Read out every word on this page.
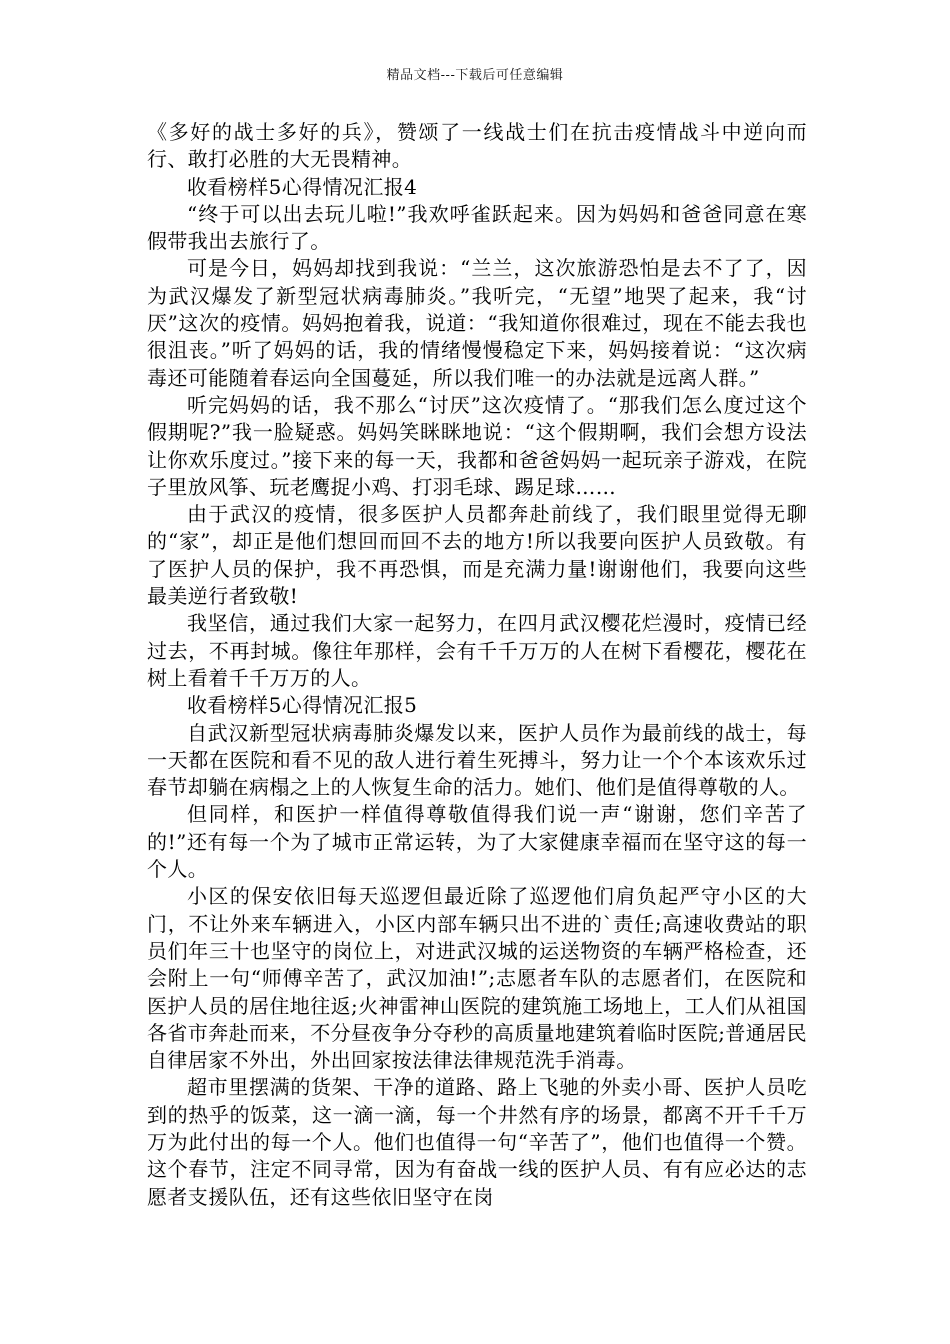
精品文档---下载后可任意编辑

《多好的战士多好的兵》，赞颂了一线战士们在抗击疫情战斗中逆向而行、敢打必胜的大无畏精神。

收看榜样5心得情况汇报4

“终于可以出去玩儿啦!”我欢呼雀跃起来。因为妈妈和爸爸同意在寒假带我出去旅行了。

可是今日，妈妈却找到我说：“兰兰，这次旅游恐怕是去不了了，因为武汉爆发了新型冠状病毒肺炎。”我听完，“无望”地哭了起来，我“讨厌”这次的疫情。妈妈抱着我，说道：“我知道你很难过，现在不能去我也很沮丧。”听了妈妈的话，我的情绪慢慢稳定下来，妈妈接着说：“这次病毒还可能随着春运向全国蔓延，所以我们唯一的办法就是远离人群。”

听完妈妈的话，我不那么“讨厌”这次疫情了。“那我们怎么度过这个假期呢?”我一脸疑惑。妈妈笑眯眯地说：“这个假期啊，我们会想方设法让你欢乐度过。”接下来的每一天，我都和爸爸妈妈一起玩亲子游戏，在院子里放风筝、玩老鹰捉小鸡、打羽毛球、踢足球……

由于武汉的疫情，很多医护人员都奔赴前线了，我们眼里觉得无聊的“家”，却正是他们想回而回不去的地方!所以我要向医护人员致敬。有了医护人员的保护，我不再恐惧，而是充满力量!谢谢他们，我要向这些最美逆行者致敬!

我坚信，通过我们大家一起努力，在四月武汉樱花烂漫时，疫情已经过去，不再封城。像往年那样，会有千千万万的人在树下看樱花，樱花在树上看着千千万万的人。

收看榜样5心得情况汇报5

自武汉新型冠状病毒肺炎爆发以来，医护人员作为最前线的战士，每一天都在医院和看不见的敌人进行着生死搏斗，努力让一个个本该欢乐过春节却躺在病榻之上的人恢复生命的活力。她们、他们是值得尊敬的人。

但同样，和医护一样值得尊敬值得我们说一声“谢谢，您们辛苦了的!”还有每一个为了城市正常运转，为了大家健康幸福而在坚守这的每一个人。

小区的保安依旧每天巡逻但最近除了巡逻他们肩负起严守小区的大门，不让外来车辆进入，小区内部车辆只出不进的`责任;高速收费站的职员们年三十也坚守的岗位上，对进武汉城的运送物资的车辆严格检查，还会附上一句“师傅辛苦了，武汉加油!”;志愿者车队的志愿者们，在医院和医护人员的居住地往返;火神雷神山医院的建筑施工场地上，工人们从祖国各省市奔赴而来，不分昼夜争分夺秒的高质量地建筑着临时医院;普通居民自律居家不外出，外出回家按法律法律规范洗手消毒。

超市里摆满的货架、干净的道路、路上飞驰的外卖小哥、医护人员吃到的热乎的饭菜，这一滴一滴，每一个井然有序的场景，都离不开千千万万为此付出的每一个人。他们也值得一句“辛苦了”，他们也值得一个赞。这个春节，注定不同寻常，因为有奋战一线的医护人员、有有应必达的志愿者支援队伍，还有这些依旧坚守在岗
